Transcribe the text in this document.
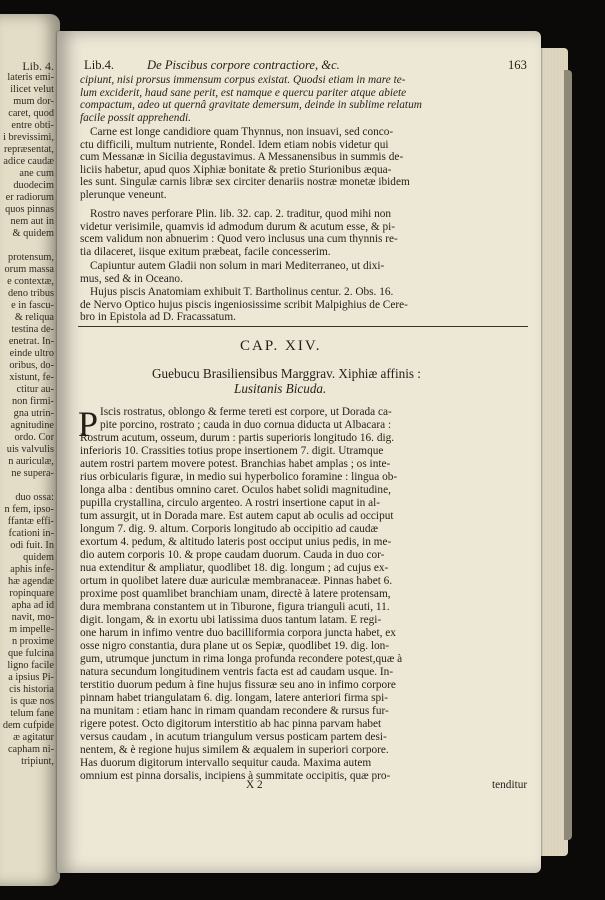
Lib. 4.
lateris emi-
ilicet velut
mum dor-
caret, quod
entre obti-
i brevissimi,
repræsentat,
adice caudæ
ane cum
duodecim
er radiorum
quos pinnas
nem aut in
& quidem
protensum,
orum massa
e contextæ,
deno tribus
e in fascu-
& reliqua
testina de-
enetrat. In-
einde ultro
oribus, do-
xistunt, fe-
ctitur au-
non firmi-
gna utrin-
agnitudine
ordo. Cor
uis valvulis
n auriculæ,
ne supera-
duo ossa:
n fem, ipso-
ffantæ effi-
fcationi in-
odi fuit. In
quidem
aphis infe-
hæ agendæ
ropinquare
apha ad id
navit, mo-
m impelle-
n proxime
que fulcina
ligno facile
a ipsius Pi-
cis historia
is quæ nos
telum fane
dem cufpide
æ agitatur
capham ni-
tripiunt,
Lib.4.	De Piscibus corpore contractiore, &c.	163
cipiunt, nisi prorsus immensum corpus existat. Quodsi etiam in mare te-
lum exciderit, haud sane perit, est namque e quercu pariter atque abiete
compactum, adeo ut quernâ gravitate demersum, deinde in sublime relatum
facile possit apprehendi.
Carne est longe candidiore quam Thynnus, non insuavi, sed conco-
ctu difficili, multum nutriente, Rondel. Idem etiam nobis videtur qui
cum Messanæ in Sicilia degustavimus. A Messanensibus in summis de-
liciis habetur, apud quos Xiphiæ bonitate & pretio Sturionibus æqua-
les sunt. Singulæ carnis libræ sex circiter denariis nostræ monetæ ibidem
plerunque veneunt.
Rostro naves perforare Plin. lib. 32. cap. 2. traditur, quod mihi non
videtur verisimile, quamvis id admodum durum & acutum esse, & pi-
scem validum non abnuerim : Quod vero inclusus una cum thynnis re-
tia dilaceret, iisque exitum præbeat, facile concesserim.
Capiuntur autem Gladii non solum in mari Mediterraneo, ut dixi-
mus, sed & in Oceano.
Hujus piscis Anatomiam exhibuit T. Bartholinus centur. 2. Obs. 16.
de Nervo Optico hujus piscis ingeniosissime scribit Malpighius de Cere-
bro in Epistola ad D. Fracassatum.
CAP. XIV.
Guebucu Brasiliensibus Marggrav. Xiphiæ affinis :
Lusitanis Bicuda.
P Iscis rostratus, oblongo & ferme tereti est corpore, ut Dorada ca-
pite porcino, rostrato ; cauda in duo cornua diducta ut Albacara :
Rostrum acutum, osseum, durum : partis superioris longitudo 16. dig.
inferioris 10. Crassities totius prope insertionem 7. digit. Utramque
autem rostri partem movere potest. Branchias habet amplas ; os inte-
rius orbicularis figuræ, in medio sui hyperbolico foramine : lingua ob-
longa alba : dentibus omnino caret. Oculos habet solidi magnitudine,
pupilla crystallina, circulo argenteo. A rostri insertione caput in al-
tum assurgit, ut in Dorada mare. Est autem caput ab oculis ad occiput
longum 7. dig. 9. altum. Corporis longitudo ab occipitio ad caudæ
exortum 4. pedum, & altitudo lateris post occiput unius pedis, in me-
dio autem corporis 10. & prope caudam duorum. Cauda in duo cor-
nua extenditur & ampliatur, quodlibet 18. dig. longum ; ad cujus ex-
ortum in quolibet latere duæ auriculæ membranaceæ. Pinnas habet 6.
proxime post quamlibet branchiam unam, directè à latere protensam,
dura membrana constantem ut in Tiburone, figura trianguli acuti, 11.
digit. longam, & in exortu ubi latissima duos tantum latam. E regi-
one harum in infimo ventre duo bacilliformia corpora juncta habet, ex
osse nigro constantia, dura plane ut os Sepiæ, quodlibet 19. dig. lon-
gum, utrumque junctum in rima longa profunda recondere potest,quæ à
natura secundum longitudinem ventris facta est ad caudam usque. In-
terstitio duorum pedum à fine hujus fissuræ seu ano in infimo corpore
pinnam habet triangulatam 6. dig. longam, latere anteriori firma spi-
na munitam : etiam hanc in rimam quandam recondere & rursus fur-
rigere potest. Octo digitorum interstitio ab hac pinna parvam habet
versus caudam , in acutum triangulum versus posticam partem desi-
nentem, & è regione hujus similem & æqualem in superiori corpore.
Has duorum digitorum intervallo sequitur cauda. Maxima autem
omnium est pinna dorsalis, incipiens à summitate occipitis, quæ pro-
X 2	tenditur
